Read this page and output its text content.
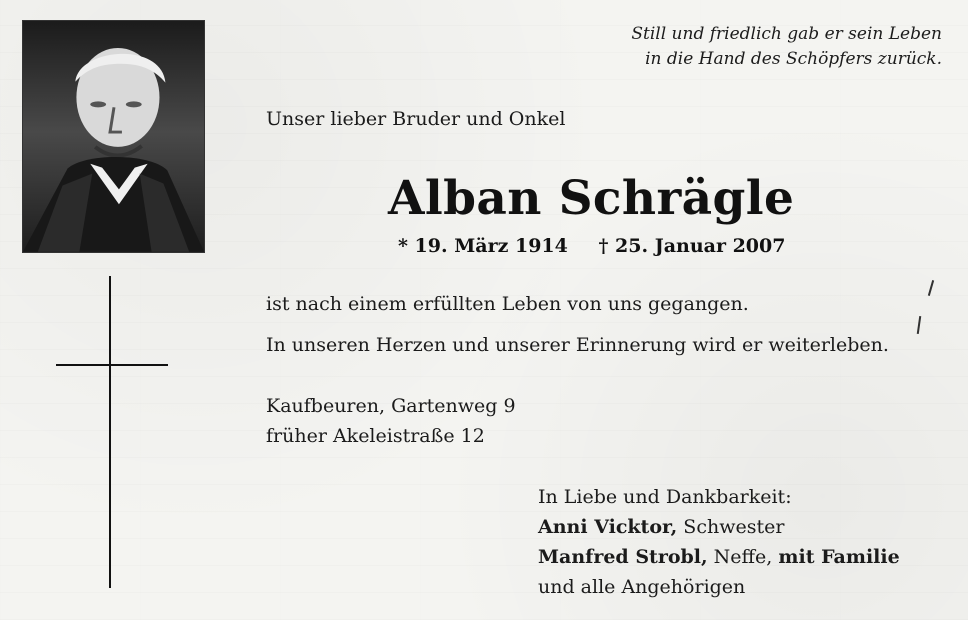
Still und friedlich gab er sein Leben
in die Hand des Schöpfers zurück.
Unser lieber Bruder und Onkel
Alban Schrägle
* 19. März 1914 † 25. Januar 2007
ist nach einem erfüllten Leben von uns gegangen.
In unseren Herzen und unserer Erinnerung wird er weiterleben.
Kaufbeuren, Gartenweg 9
früher Akeleistraße 12
In Liebe und Dankbarkeit:
Anni Vicktor, Schwester
Manfred Strobl, Neffe, mit Familie
und alle Angehörigen
